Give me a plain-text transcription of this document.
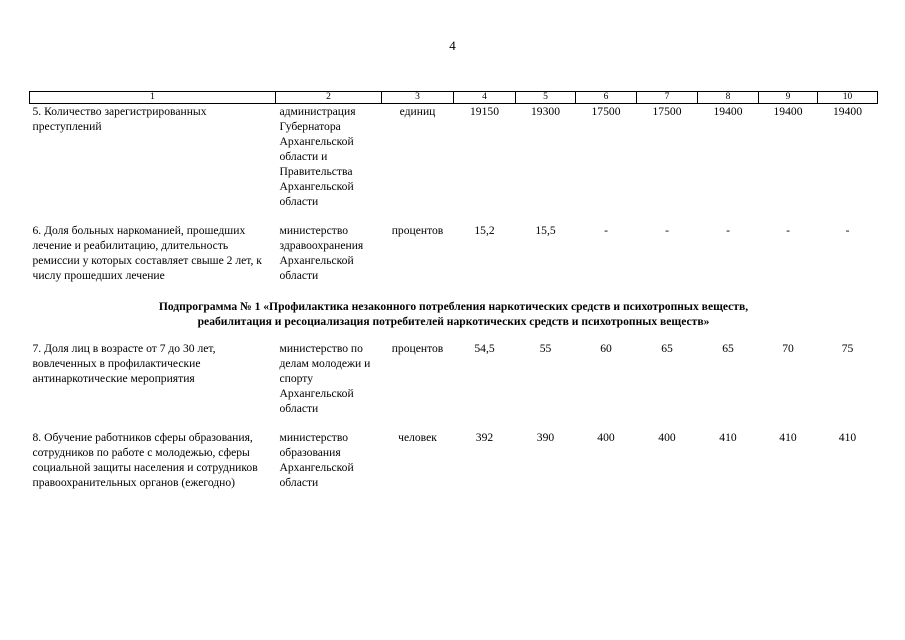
4
1	2	3	4	5	6	7	8	9	10
5. Количество зарегистрированных преступлений	администрация Губернатора Архангельской области и Правительства Архангельской области	единиц	19150	19300	17500	17500	19400	19400	19400

6. Доля больных наркоманией, прошедших лечение и реабилитацию, длительность ремиссии у которых составляет свыше 2 лет, к числу прошедших лечение	министерство здравоохранения Архангельской области	процентов	15,2	15,5	-	-	-	-	-

Подпрограмма № 1 «Профилактика незаконного потребления наркотических средств и психотропных веществ,
реабилитация и ресоциализация потребителей наркотических средств и психотропных веществ»									

7. Доля лиц в возрасте от 7 до 30 лет, вовлеченных в профилактические антинаркотические мероприятия	министерство по делам молодежи и спорту Архангельской области	процентов	54,5	55	60	65	65	70	75

8. Обучение работников сферы образования, сотрудников по работе с молодежью, сферы социальной защиты населения и сотрудников правоохранительных органов (ежегодно)	министерство образования Архангельской области	человек	392	390	400	400	410	410	410
